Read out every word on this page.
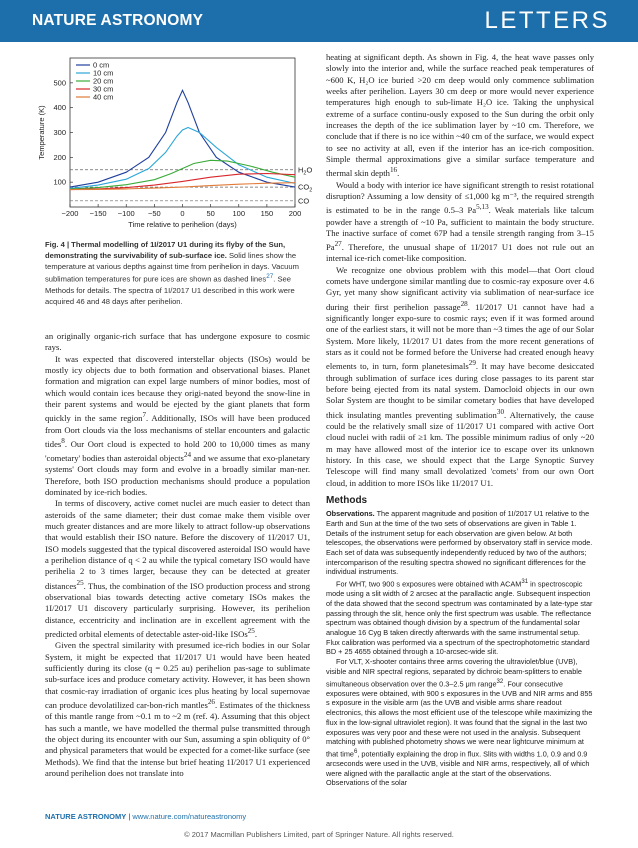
NATURE ASTRONOMY	LETTERS
−200 −150 −100 −50	0	50 100 150 200
100
200
300
400
500
Time relative to perihelion (days)
Temperature (K)
$H_2O$
$CO_2$
CO
0 cm
10 cm
20 cm
30 cm
40 cm
Fig. 4 | Thermal modelling of 1I/2017 U1 during its flyby of the Sun, demonstrating the survivability of sub-surface ice. Solid lines show the temperature at various depths against time from perihelion in days. Vacuum sublimation temperatures for pure ices are shown as dashed lines$^{27}$. See Methods for details. The spectra of 1I/2017 U1 described in this work were acquired 46 and 48 days after perihelion.

an originally organic-rich surface that has undergone exposure to cosmic rays.

It was expected that discovered interstellar objects (ISOs) would be mostly icy objects due to both formation and observational biases. Planet formation and migration can expel large numbers of minor bodies, most of which would contain ices because they origi-nated beyond the snow-line in their parent systems and would be ejected by the giant planets that form quickly in the same region$^7$. Additionally, ISOs will have been produced from Oort clouds via the loss mechanisms of stellar encounters and galactic tides$^8$. Our Oort cloud is expected to hold 200 to 10,000 times as many 'cometary' bodies than asteroidal objects$^{24}$ and we assume that exo-planetary systems' Oort clouds may form and evolve in a broadly similar man-ner. Therefore, both ISO production mechanisms should produce a population dominated by ice-rich bodies.

In terms of discovery, active comet nuclei are much easier to detect than asteroids of the same diameter; their dust comae make them visible over much greater distances and are more likely to attract follow-up observations that would establish their ISO nature. Before the discovery of 1I/2017 U1, ISO models suggested that the typical discovered asteroidal ISO would have a perihelion distance of q < 2 au while the typical cometary ISO would have perihelia 2 to 3 times larger, because they can be detected at greater distances$^{25}$. Thus, the combination of the ISO production process and strong observational bias towards detecting active cometary ISOs makes the 1I/2017 U1 discovery particularly surprising. However, its perihelion distance, eccentricity and inclination are in excellent agreement with the predicted orbital elements of detectable aster-oid-like ISOs$^{25}$.

Given the spectral similarity with presumed ice-rich bodies in our Solar System, it might be expected that 1I/2017 U1 would have been heated sufficiently during its close (q = 0.25 au) perihelion pas-sage to sublimate sub-surface ices and produce cometary activity. However, it has been shown that cosmic-ray irradiation of organic ices plus heating by local supernovae can produce devolatilized car-bon-rich mantles$^{26}$. Estimates of the thickness of this mantle range from ~0.1 m to ~2 m (ref. 4). Assuming that this object has such a mantle, we have modelled the thermal pulse transmitted through the object during its encounter with our Sun, assuming a spin obliquity of 0° and physical parameters that would be expected for a comet-like surface (see Methods). We find that the intense but brief heating 1I/2017 U1 experienced around perihelion does not translate into

heating at significant depth. As shown in Fig. 4, the heat wave passes only slowly into the interior and, while the surface reached peak temperatures of ~600 K, H₂O ice buried >20 cm deep would only commence sublimation weeks after perihelion. Layers 30 cm deep or more would never experience temperatures high enough to sub-limate H₂O ice. Taking the unphysical extreme of a surface continu-ously exposed to the Sun during the orbit only increases the depth of the ice sublimation layer by ~10 cm. Therefore, we conclude that if there is no ice within ~40 cm of the surface, we would expect to see no activity at all, even if the interior has an ice-rich composition. Simple thermal approximations give a similar surface temperature and thermal skin depth$^{16}$.

Would a body with interior ice have significant strength to resist rotational disruption? Assuming a low density of ≤1,000 kg m⁻³, the required strength is estimated to be in the range 0.5–3 Pa$^{5,13}$. Weak materials like talcum powder have a strength of ~10 Pa, sufficient to maintain the body structure. The inactive surface of comet 67P had a tensile strength ranging from 3–15 Pa$^{27}$. Therefore, the unusual shape of 1I/2017 U1 does not rule out an internal ice-rich comet-like composition.

We recognize one obvious problem with this model—that Oort cloud comets have undergone similar mantling due to cosmic-ray exposure over 4.6 Gyr, yet many show significant activity via sublimation of near-surface ice during their first perihelion passage$^{28}$. 1I/2017 U1 cannot have had a significantly longer expo-sure to cosmic rays; even if it was formed around one of the earliest stars, it will not be more than ~3 times the age of our Solar System. More likely, 1I/2017 U1 dates from the more recent generations of stars as it could not be formed before the Universe had created enough heavy elements to, in turn, form planetesimals$^{29}$. It may have become desiccated through sublimation of surface ices during close passages to its parent star before being ejected from its natal system. Damocloid objects in our own Solar System are thought to be similar cometary bodies that have developed thick insulating mantles preventing sublimation$^{30}$. Alternatively, the cause could be the relatively small size of 1I/2017 U1 compared with active Oort cloud nuclei with radii of ≥1 km. The possible minimum radius of only ~20 m may have allowed most of the interior ice to escape over its unknown history. In this case, we should expect that the Large Synoptic Survey Telescope will find many small devolatized 'comets' from our own Oort cloud, in addition to more ISOs like 1I/2017 U1.

Methods

Observations. The apparent magnitude and position of 1I/2017 U1 relative to the Earth and Sun at the time of the two sets of observations are given in Table 1. Details of the instrument setup for each observation are given below. At both telescopes, the observations were performed by observatory staff in service mode. Each set of data was subsequently independently reduced by two of the authors; intercomparison of the resulting spectra showed no significant differences for the individual instruments.

For WHT, two 900 s exposures were obtained with ACAM$^{31}$ in spectroscopic mode using a slit width of 2 arcsec at the parallactic angle. Subsequent inspection of the data showed that the second spectrum was contaminated by a late-type star passing through the slit, hence only the first spectrum was usable. The reflectance spectrum was obtained though division by a spectrum of the fundamental solar analogue 16 Cyg B taken directly afterwards with the same instrumental setup. Flux calibration was performed via a spectrum of the spectrophotometric standard BD + 25 4655 obtained through a 10-arcsec-wide slit.

For VLT, X-shooter contains three arms covering the ultraviolet/blue (UVB), visible and NIR spectral regions, separated by dichroic beam-splitters to enable simultaneous observation over the 0.3–2.5 μm range$^{32}$. Four consecutive exposures were obtained, with 900 s exposures in the UVB and NIR arms and 855 s exposure in the visible arm (as the UVB and visible arms share readout electronics, this allows the most efficient use of the telescope while maximizing the flux in the low-signal ultraviolet region). It was found that the signal in the last two exposures was very poor and these were not used in the analysis. Subsequent matching with published photometry shows we were near lightcurve minimum at that time$^6$, potentially explaining the drop in flux. Slits with widths 1.0, 0.9 and 0.9 arcseconds were used in the UVB, visible and NIR arms, respectively, all of which were aligned with the parallactic angle at the start of the observations. Observations of the solar

NATURE ASTRONOMY | www.nature.com/natureastronomy
© 2017 Macmillan Publishers Limited, part of Springer Nature. All rights reserved.
